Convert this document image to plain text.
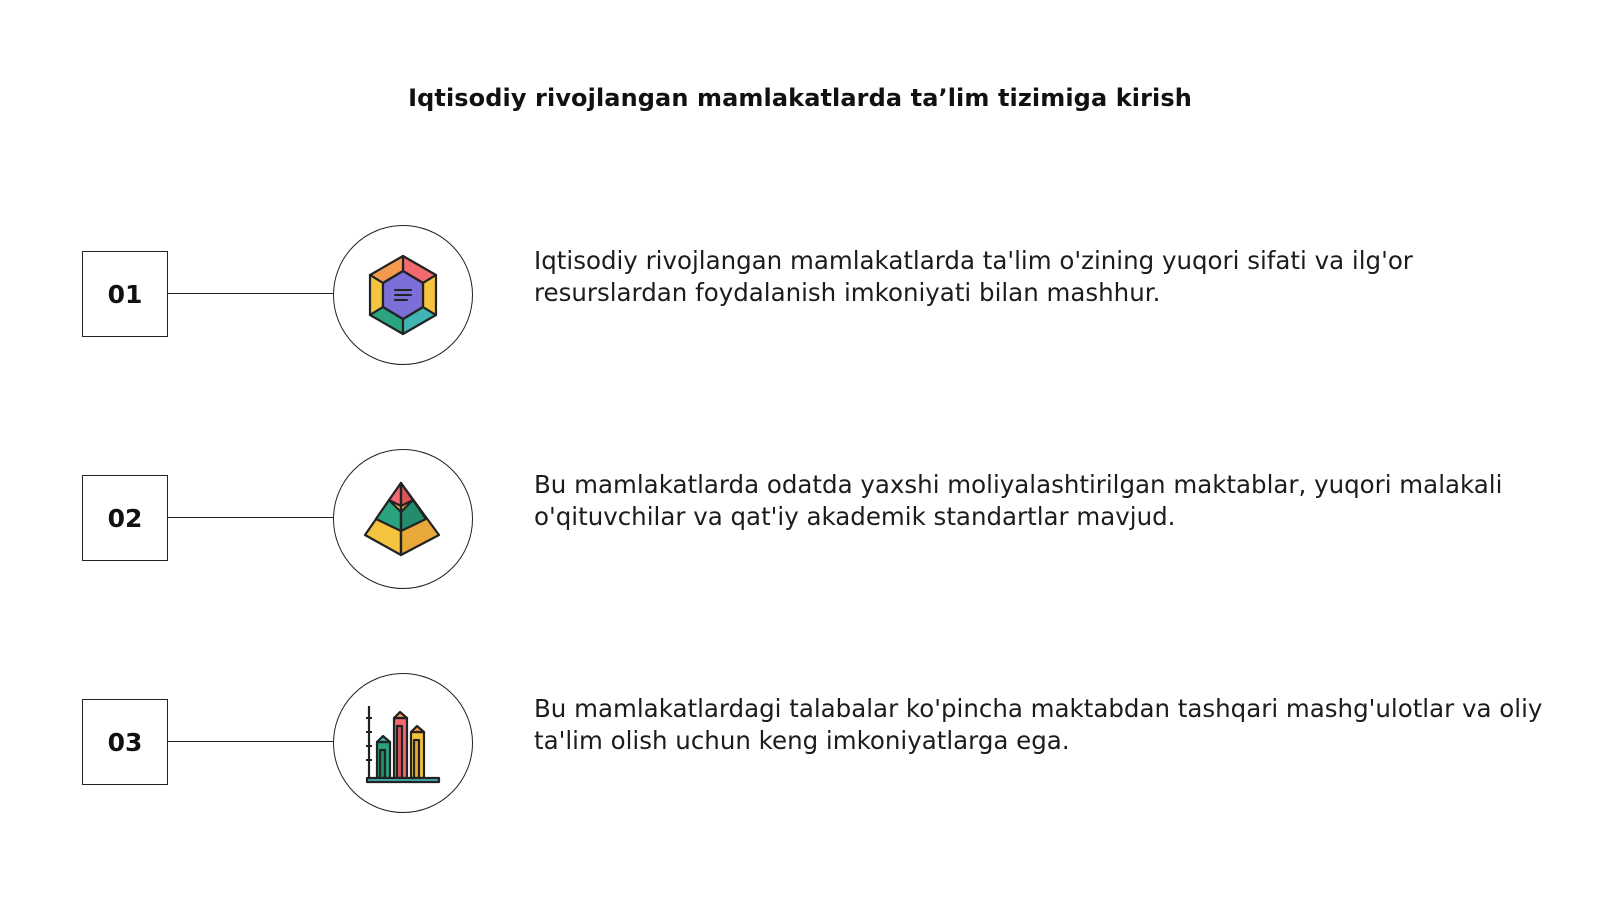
Iqtisodiy rivojlangan mamlakatlarda ta’lim tizimiga kirish
01
Iqtisodiy rivojlangan mamlakatlarda ta'lim o'zining yuqori sifati va ilg'or resurslardan foydalanish imkoniyati bilan mashhur.
02
Bu mamlakatlarda odatda yaxshi moliyalashtirilgan maktablar, yuqori malakali o'qituvchilar va qat'iy akademik standartlar mavjud.
03
Bu mamlakatlardagi talabalar ko'pincha maktabdan tashqari mashg'ulotlar va oliy ta'lim olish uchun keng imkoniyatlarga ega.
